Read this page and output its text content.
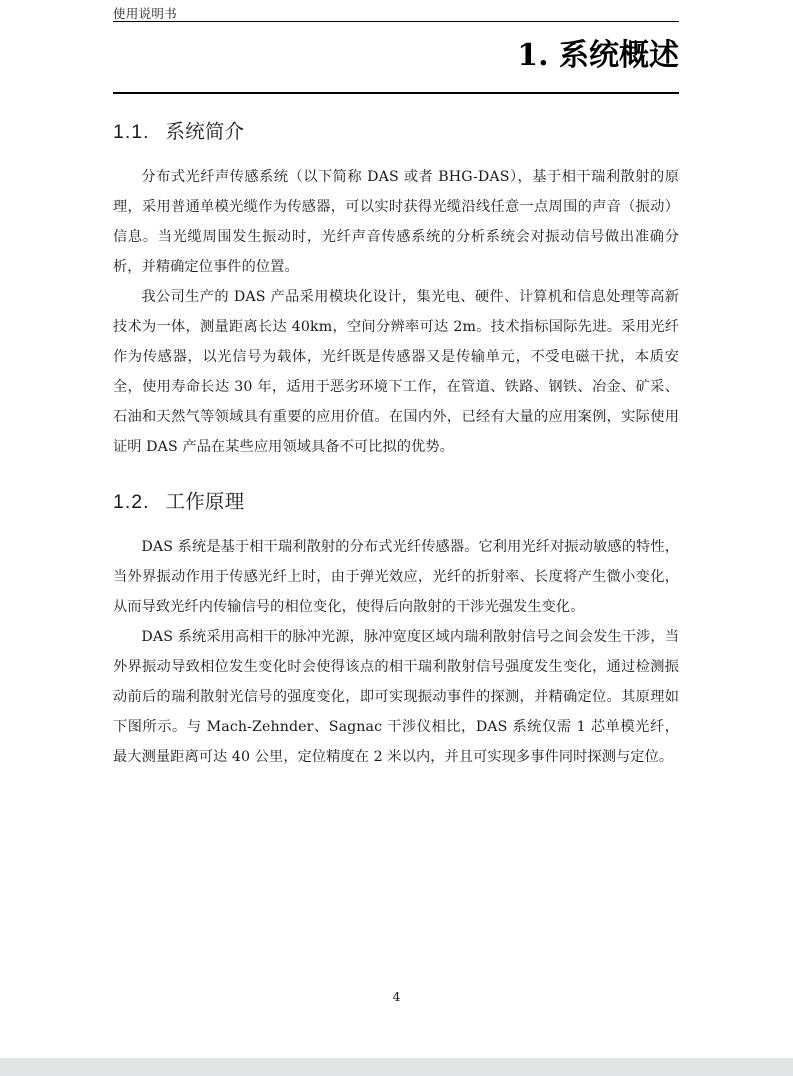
使用说明书
1. 系统概述
1.1. 系统简介

分布式光纤声传感系统（以下简称 DAS 或者 BHG-DAS），基于相干瑞利散射的原理，采用普通单模光缆作为传感器，可以实时获得光缆沿线任意一点周围的声音（振动）信息。当光缆周围发生振动时，光纤声音传感系统的分析系统会对振动信号做出准确分析，并精确定位事件的位置。

我公司生产的 DAS 产品采用模块化设计，集光电、硬件、计算机和信息处理等高新技术为一体，测量距离长达 40km，空间分辨率可达 2m。技术指标国际先进。采用光纤作为传感器，以光信号为载体，光纤既是传感器又是传输单元，不受电磁干扰，本质安全，使用寿命长达 30 年，适用于恶劣环境下工作，在管道、铁路、钢铁、冶金、矿采、石油和天然气等领域具有重要的应用价值。在国内外，已经有大量的应用案例，实际使用证明 DAS 产品在某些应用领域具备不可比拟的优势。

1.2. 工作原理

DAS 系统是基于相干瑞利散射的分布式光纤传感器。它利用光纤对振动敏感的特性，当外界振动作用于传感光纤上时，由于弹光效应，光纤的折射率、长度将产生微小变化，从而导致光纤内传输信号的相位变化，使得后向散射的干涉光强发生变化。

DAS 系统采用高相干的脉冲光源，脉冲宽度区域内瑞利散射信号之间会发生干涉，当外界振动导致相位发生变化时会使得该点的相干瑞利散射信号强度发生变化，通过检测振动前后的瑞利散射光信号的强度变化，即可实现振动事件的探测，并精确定位。其原理如下图所示。与 Mach-Zehnder、Sagnac 干涉仪相比，DAS 系统仅需 1 芯单模光纤，最大测量距离可达 40 公里，定位精度在 2 米以内，并且可实现多事件同时探测与定位。

4
